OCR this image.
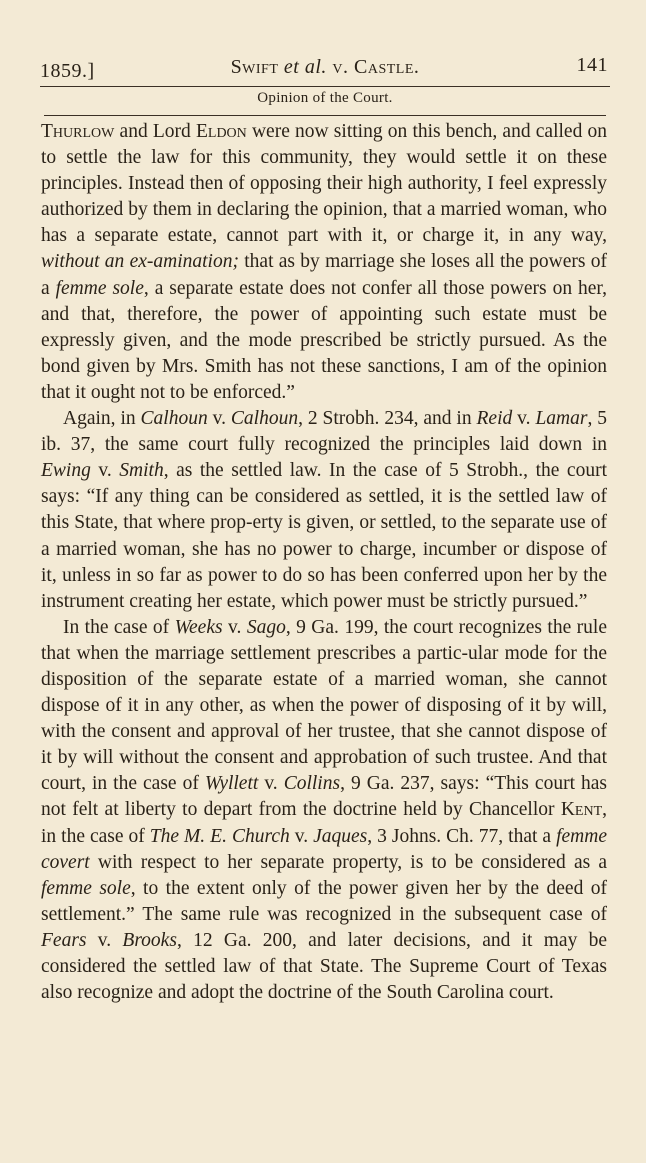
1859.]	Swift et al. v. Castle.	141
Opinion of the Court.

Thurlow and Lord Eldon were now sitting on this bench, and called on to settle the law for this community, they would settle it on these principles. Instead then of opposing their high authority, I feel expressly authorized by them in declaring the opinion, that a married woman, who has a separate estate, cannot part with it, or charge it, in any way, without an ex-amination; that as by marriage she loses all the powers of a femme sole, a separate estate does not confer all those powers on her, and that, therefore, the power of appointing such estate must be expressly given, and the mode prescribed be strictly pursued. As the bond given by Mrs. Smith has not these sanctions, I am of the opinion that it ought not to be enforced.”

Again, in Calhoun v. Calhoun, 2 Strobh. 234, and in Reid v. Lamar, 5 ib. 37, the same court fully recognized the principles laid down in Ewing v. Smith, as the settled law. In the case of 5 Strobh., the court says: “If any thing can be considered as settled, it is the settled law of this State, that where prop-erty is given, or settled, to the separate use of a married woman, she has no power to charge, incumber or dispose of it, unless in so far as power to do so has been conferred upon her by the instrument creating her estate, which power must be strictly pursued.”

In the case of Weeks v. Sago, 9 Ga. 199, the court recognizes the rule that when the marriage settlement prescribes a partic-ular mode for the disposition of the separate estate of a married woman, she cannot dispose of it in any other, as when the power of disposing of it by will, with the consent and approval of her trustee, that she cannot dispose of it by will without the consent and approbation of such trustee. And that court, in the case of Wyllett v. Collins, 9 Ga. 237, says: “This court has not felt at liberty to depart from the doctrine held by Chancellor Kent, in the case of The M. E. Church v. Jaques, 3 Johns. Ch. 77, that a femme covert with respect to her separate property, is to be considered as a femme sole, to the extent only of the power given her by the deed of settlement.” The same rule was recognized in the subsequent case of Fears v. Brooks, 12 Ga. 200, and later decisions, and it may be considered the settled law of that State. The Supreme Court of Texas also recognize and adopt the doctrine of the South Carolina court.
